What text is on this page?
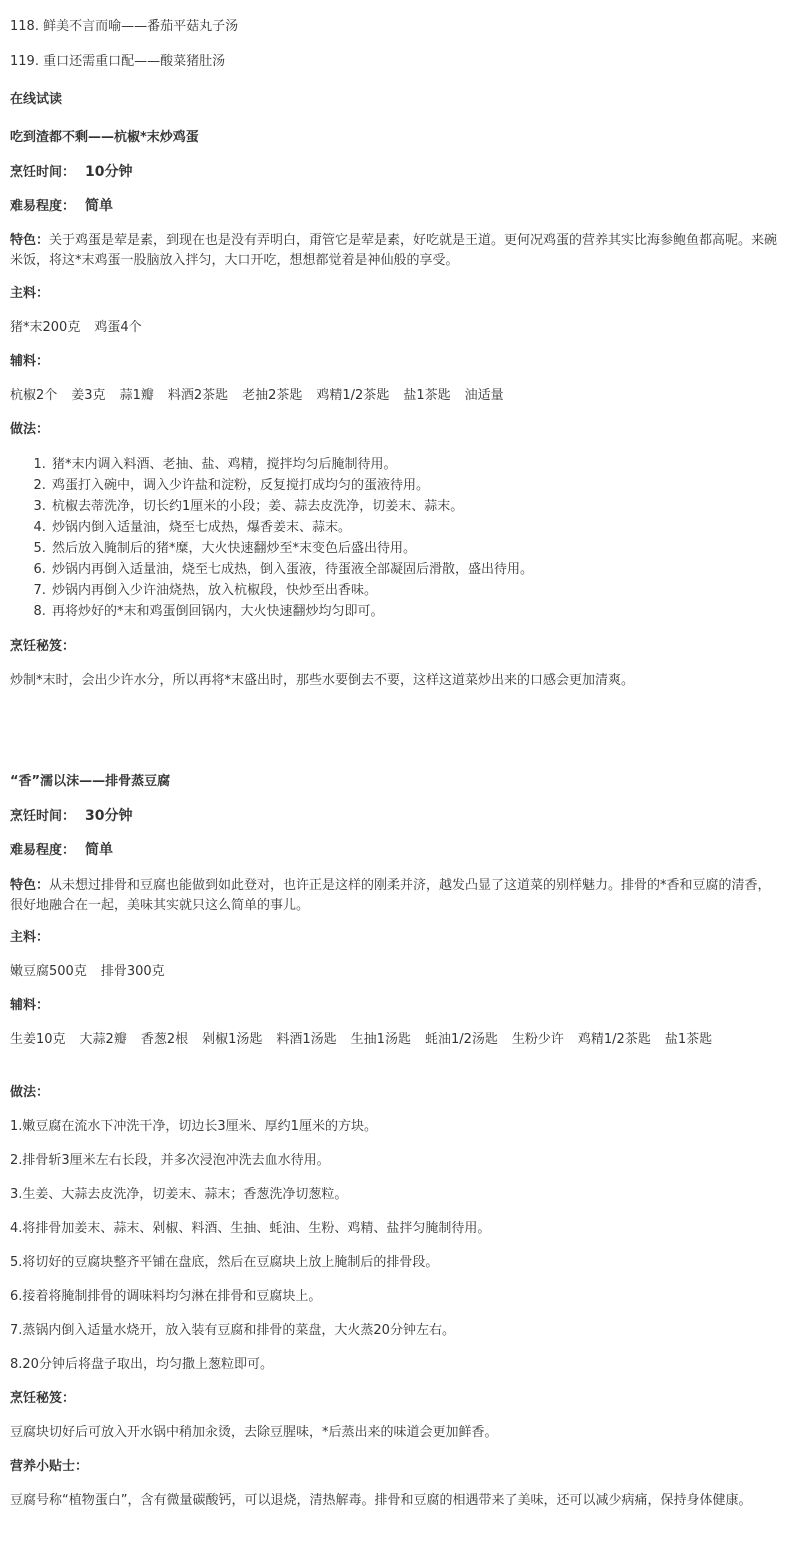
118. 鲜美不言而喻——番茄平菇丸子汤
119. 重口还需重口配——酸菜猪肚汤
在线试读
吃到渣都不剩——杭椒*末炒鸡蛋
烹饪时间： 10分钟
难易程度： 简单
特色：关于鸡蛋是荤是素，到现在也是没有弄明白，甭管它是荤是素，好吃就是王道。更何况鸡蛋的营养其实比海参鲍鱼都高呢。来碗米饭，将这*末鸡蛋一股脑放入拌匀，大口开吃，想想都觉着是神仙般的享受。
主料：
猪*末200克 鸡蛋4个
辅料：
杭椒2个 姜3克 蒜1瓣 料酒2茶匙 老抽2茶匙 鸡精1/2茶匙 盐1茶匙 油适量
做法：
1. 猪*末内调入料酒、老抽、盐、鸡精，搅拌均匀后腌制待用。
2. 鸡蛋打入碗中，调入少许盐和淀粉，反复搅打成均匀的蛋液待用。
3. 杭椒去蒂洗净，切长约1厘米的小段；姜、蒜去皮洗净，切姜末、蒜末。
4. 炒锅内倒入适量油，烧至七成热，爆香姜末、蒜末。
5. 然后放入腌制后的猪*糜，大火快速翻炒至*末变色后盛出待用。
6. 炒锅内再倒入适量油，烧至七成热，倒入蛋液，待蛋液全部凝固后滑散，盛出待用。
7. 炒锅内再倒入少许油烧热，放入杭椒段，快炒至出香味。
8. 再将炒好的*末和鸡蛋倒回锅内，大火快速翻炒均匀即可。
烹饪秘笈：
炒制*末时，会出少许水分，所以再将*末盛出时，那些水要倒去不要，这样这道菜炒出来的口感会更加清爽。
“香”濡以沫——排骨蒸豆腐
烹饪时间： 30分钟
难易程度： 简单
特色：从未想过排骨和豆腐也能做到如此登对，也许正是这样的刚柔并济，越发凸显了这道菜的别样魅力。排骨的*香和豆腐的清香，很好地融合在一起，美味其实就只这么简单的事儿。
主料：
嫩豆腐500克 排骨300克
辅料：
生姜10克 大蒜2瓣 香葱2根 剁椒1汤匙 料酒1汤匙 生抽1汤匙 蚝油1/2汤匙 生粉少许 鸡精1/2茶匙 盐1茶匙
做法：
1.嫩豆腐在流水下冲洗干净，切边长3厘米、厚约1厘米的方块。
2.排骨斩3厘米左右长段，并多次浸泡冲洗去血水待用。
3.生姜、大蒜去皮洗净，切姜末、蒜末；香葱洗净切葱粒。
4.将排骨加姜末、蒜末、剁椒、料酒、生抽、蚝油、生粉、鸡精、盐拌匀腌制待用。
5.将切好的豆腐块整齐平铺在盘底，然后在豆腐块上放上腌制后的排骨段。
6.接着将腌制排骨的调味料均匀淋在排骨和豆腐块上。
7.蒸锅内倒入适量水烧开，放入装有豆腐和排骨的菜盘，大火蒸20分钟左右。
8.20分钟后将盘子取出，均匀撒上葱粒即可。
烹饪秘笈：
豆腐块切好后可放入开水锅中稍加汆烫，去除豆腥味，*后蒸出来的味道会更加鲜香。
营养小贴士：
豆腐号称“植物蛋白”，含有微量碳酸钙，可以退烧，清热解毒。排骨和豆腐的相遇带来了美味，还可以减少病痛，保持身体健康。
